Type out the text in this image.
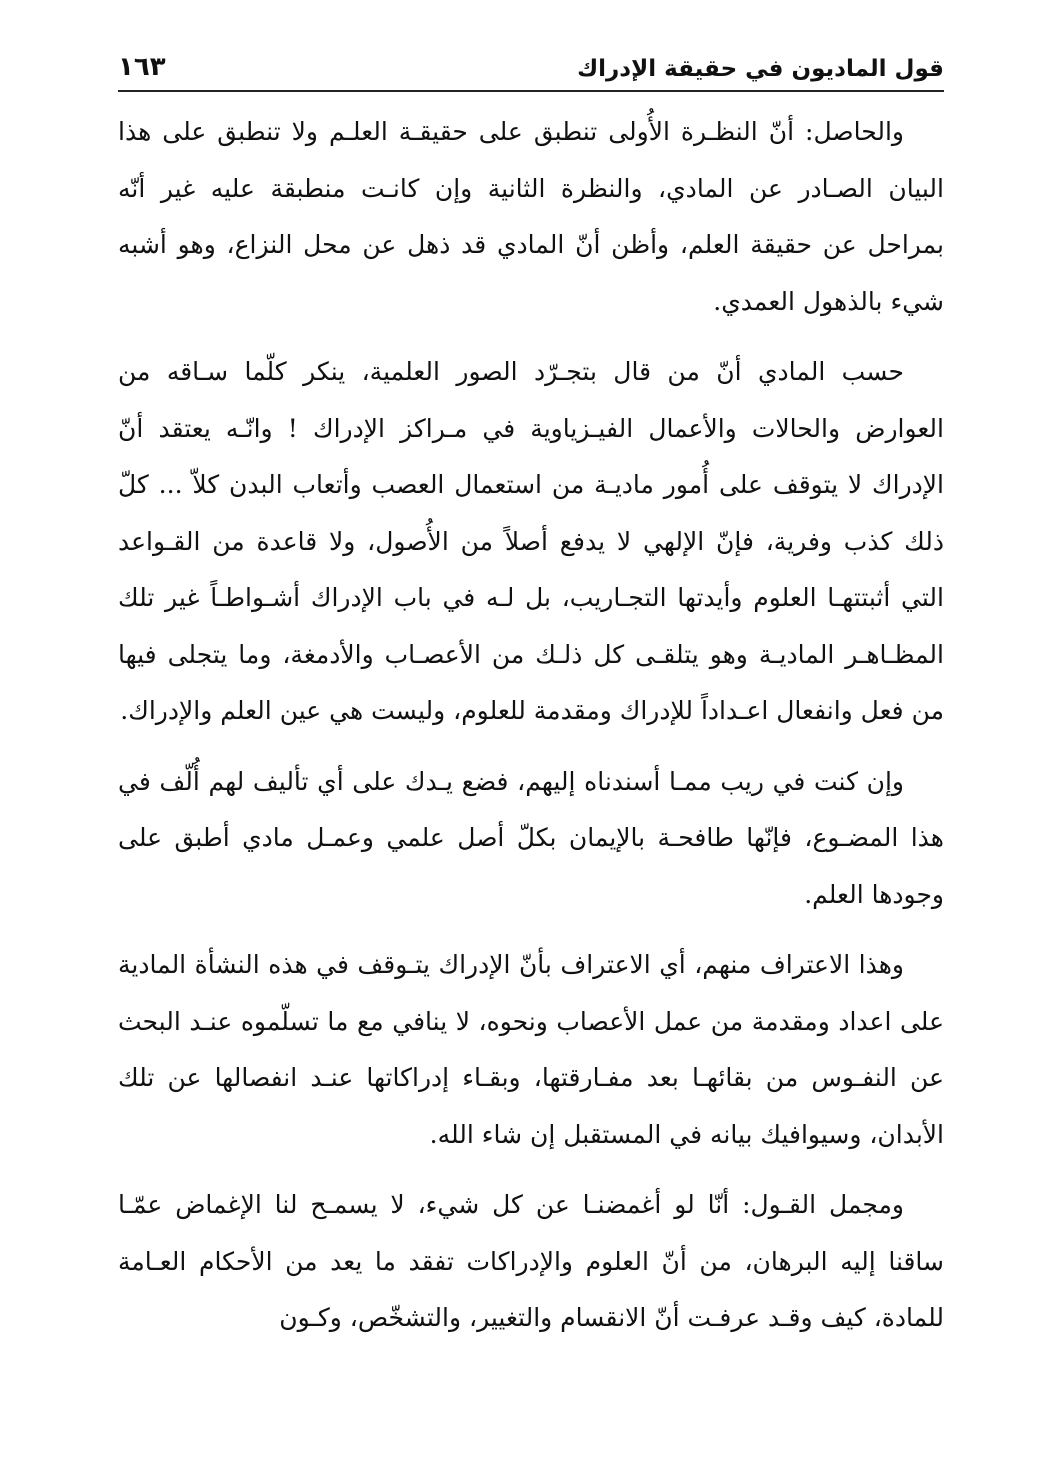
قول الماديون في حقيقة الإدراك
١٦٣

والحاصل: أنّ النظـرة الأُولى تنطبق على حقيقـة العلـم ولا تنطبق على هذا البيان الصـادر عن المادي، والنظرة الثانية وإن كانـت منطبقة عليه غير أنّه بمراحل عن حقيقة العلم، وأظن أنّ المادي قد ذهل عن محل النزاع، وهو أشبه شيء بالذهول العمدي.

حسب المادي أنّ من قال بتجـرّد الصور العلمية، ينكر كلّما سـاقه من العوارض والحالات والأعمال الفيـزياوية في مـراكز الإدراك ! وانّـه يعتقد أنّ الإدراك لا يتوقف على أُمور ماديـة من استعمال العصب وأتعاب البدن كلاّ ... كلّ ذلك كذب وفرية، فإنّ الإلهي لا يدفع أصلاً من الأُصول، ولا قاعدة من القـواعد التي أثبتتهـا العلوم وأيدتها التجـاريب، بل لـه في باب الإدراك أشـواطـاً غير تلك المظـاهـر الماديـة وهو يتلقـى كل ذلـك من الأعصـاب والأدمغة، وما يتجلى فيها من فعل وانفعال اعـداداً للإدراك ومقدمة للعلوم، وليست هي عين العلم والإدراك.

وإن كنت في ريب ممـا أسندناه إليهم، فضع يـدك على أي تأليف لهم أُلّف في هذا المضـوع، فإنّها طافحـة بالإيمان بكلّ أصل علمي وعمـل مادي أطبق على وجودها العلم.

وهذا الاعتراف منهم، أي الاعتراف بأنّ الإدراك يتـوقف في هذه النشأة المادية على اعداد ومقدمة من عمل الأعصاب ونحوه، لا ينافي مع ما تسلّموه عنـد البحث عن النفـوس من بقائهـا بعد مفـارقتها، وبقـاء إدراكاتها عنـد انفصالها عن تلك الأبدان، وسيوافيك بيانه في المستقبل إن شاء الله.

ومجمل القـول: أنّا لو أغمضنـا عن كل شيء، لا يسمـح لنا الإغماض عمّـا ساقنا إليه البرهان، من أنّ العلوم والإدراكات تفقد ما يعد من الأحكام العـامة للمادة، كيف وقـد عرفـت أنّ الانقسام والتغيير، والتشخّص، وكـون
